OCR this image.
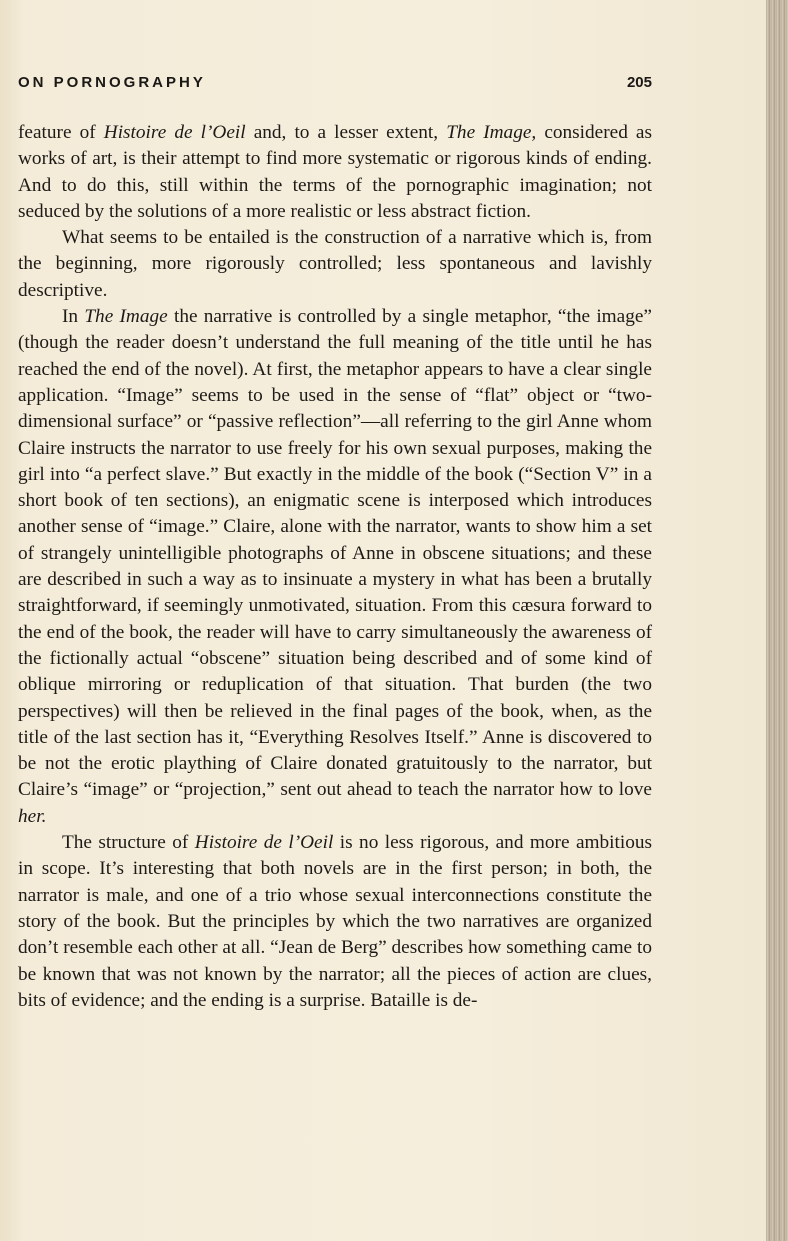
ON PORNOGRAPHY	205

feature of Histoire de l’Oeil and, to a lesser extent, The Image, considered as works of art, is their attempt to find more systematic or rigorous kinds of ending. And to do this, still within the terms of the pornographic imagination; not seduced by the solutions of a more realistic or less abstract fiction.

What seems to be entailed is the construction of a narrative which is, from the beginning, more rigorously controlled; less spontaneous and lavishly descriptive.

In The Image the narrative is controlled by a single metaphor, “the image” (though the reader doesn’t understand the full meaning of the title until he has reached the end of the novel). At first, the metaphor appears to have a clear single application. “Image” seems to be used in the sense of “flat” object or “two-dimensional surface” or “passive reflection”—all referring to the girl Anne whom Claire instructs the narrator to use freely for his own sexual purposes, making the girl into “a perfect slave.” But exactly in the middle of the book (“Section V” in a short book of ten sections), an enigmatic scene is interposed which introduces another sense of “image.” Claire, alone with the narrator, wants to show him a set of strangely unintelligible photographs of Anne in obscene situations; and these are described in such a way as to insinuate a mystery in what has been a brutally straightforward, if seemingly unmotivated, situation. From this cæsura forward to the end of the book, the reader will have to carry simultaneously the awareness of the fictionally actual “obscene” situation being described and of some kind of oblique mirroring or reduplication of that situation. That burden (the two perspectives) will then be relieved in the final pages of the book, when, as the title of the last section has it, “Everything Resolves Itself.” Anne is discovered to be not the erotic plaything of Claire donated gratuitously to the narrator, but Claire’s “image” or “projection,” sent out ahead to teach the narrator how to love her.

The structure of Histoire de l’Oeil is no less rigorous, and more ambitious in scope. It’s interesting that both novels are in the first person; in both, the narrator is male, and one of a trio whose sexual interconnections constitute the story of the book. But the principles by which the two narratives are organized don’t resemble each other at all. “Jean de Berg” describes how something came to be known that was not known by the narrator; all the pieces of action are clues, bits of evidence; and the ending is a surprise. Bataille is de-
